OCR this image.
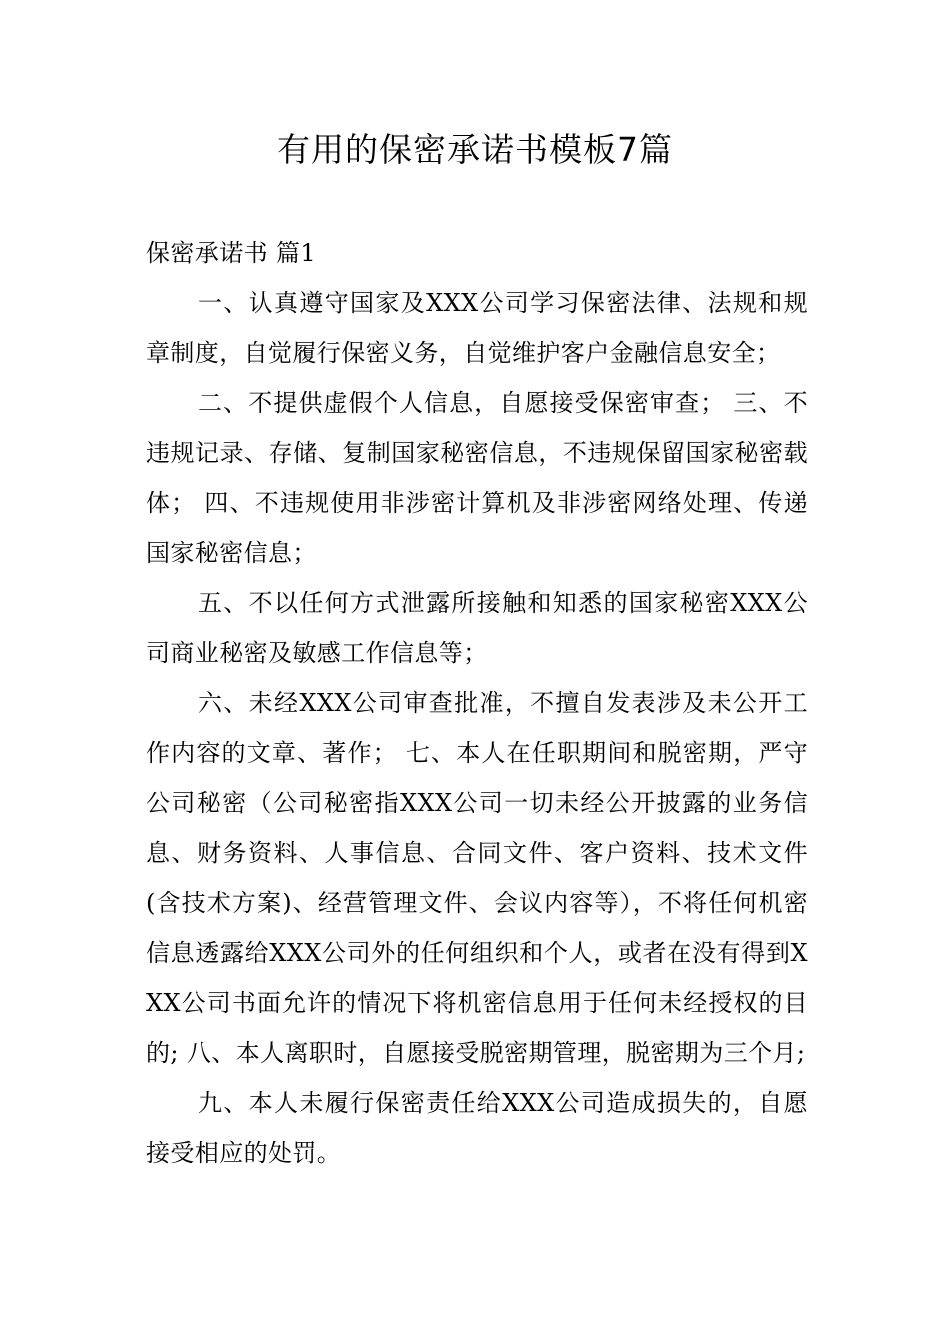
有用的保密承诺书模板7篇
保密承诺书 篇1

一、认真遵守国家及XXX公司学习保密法律、法规和规章制度，自觉履行保密义务，自觉维护客户金融信息安全；

二、不提供虚假个人信息，自愿接受保密审查； 三、不违规记录、存储、复制国家秘密信息，不违规保留国家秘密载体； 四、不违规使用非涉密计算机及非涉密网络处理、传递国家秘密信息；

五、不以任何方式泄露所接触和知悉的国家秘密XXX公司商业秘密及敏感工作信息等；

六、未经XXX公司审查批准，不擅自发表涉及未公开工作内容的文章、著作； 七、本人在任职期间和脱密期，严守公司秘密（公司秘密指XXX公司一切未经公开披露的业务信息、财务资料、人事信息、合同文件、客户资料、技术文件(含技术方案)、经营管理文件、会议内容等），不将任何机密信息透露给XXX公司外的任何组织和个人，或者在没有得到XXX公司书面允许的情况下将机密信息用于任何未经授权的目的; 八、本人离职时，自愿接受脱密期管理，脱密期为三个月;

九、本人未履行保密责任给XXX公司造成损失的，自愿接受相应的处罚。
